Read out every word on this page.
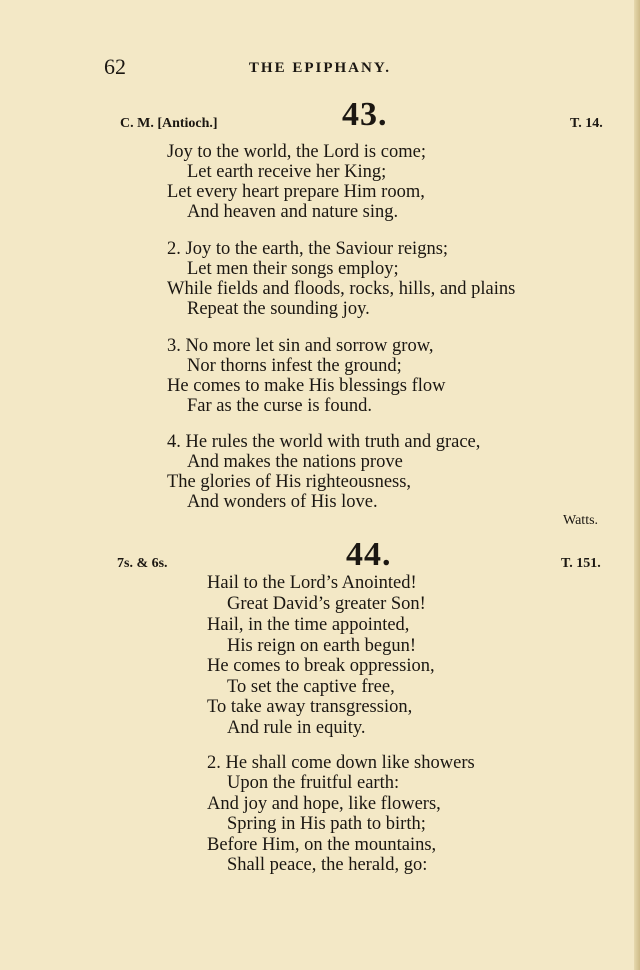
62	THE EPIPHANY.
C. M. [Antioch.]	43.	T. 14.
Joy to the world, the Lord is come;
Let earth receive her King;
Let every heart prepare Him room,
And heaven and nature sing.
2. Joy to the earth, the Saviour reigns;
Let men their songs employ;
While fields and floods, rocks, hills, and plains
Repeat the sounding joy.
3. No more let sin and sorrow grow,
Nor thorns infest the ground;
He comes to make His blessings flow
Far as the curse is found.
4. He rules the world with truth and grace,
And makes the nations prove
The glories of His righteousness,
And wonders of His love.
Watts.
7s. & 6s.	44.	T. 151.
Hail to the Lord’s Anointed!
Great David’s greater Son!
Hail, in the time appointed,
His reign on earth begun!
He comes to break oppression,
To set the captive free,
To take away transgression,
And rule in equity.
2. He shall come down like showers
Upon the fruitful earth:
And joy and hope, like flowers,
Spring in His path to birth;
Before Him, on the mountains,
Shall peace, the herald, go:
